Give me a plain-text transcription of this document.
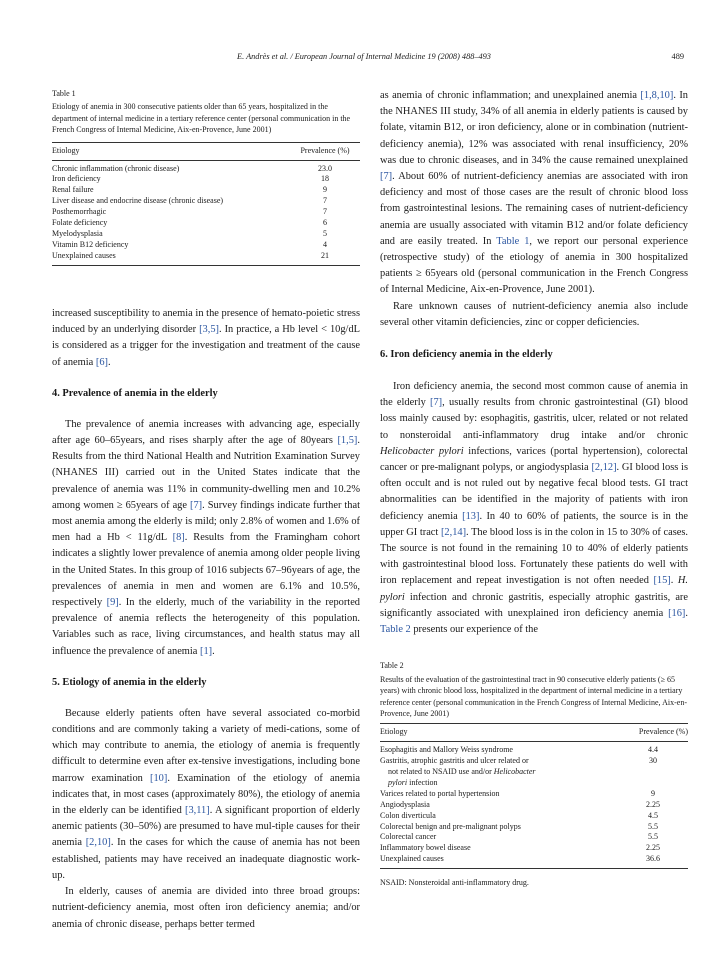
E. Andrès et al. / European Journal of Internal Medicine 19 (2008) 488–493	489

Table 1
Etiology of anemia in 300 consecutive patients older than 65 years, hospitalized in the department of internal medicine in a tertiary reference center (personal communication in the French Congress of Internal Medicine, Aix-en-Provence, June 2001)

Etiology	Prevalence (%)
Chronic inflammation (chronic disease)	23.0
Iron deficiency	18
Renal failure	9
Liver disease and endocrine disease (chronic disease)	7
Posthemorrhagic	7
Folate deficiency	6
Myelodysplasia	5
Vitamin B12 deficiency	4
Unexplained causes	21

increased susceptibility to anemia in the presence of hemato-poietic stress induced by an underlying disorder [3,5]. In practice, a Hb level < 10g/dL is considered as a trigger for the investigation and treatment of the cause of anemia [6].

4. Prevalence of anemia in the elderly

The prevalence of anemia increases with advancing age, especially after age 60–65years, and rises sharply after the age of 80years [1,5]. Results from the third National Health and Nutrition Examination Survey (NHANES III) carried out in the United States indicate that the prevalence of anemia was 11% in community-dwelling men and 10.2% among women ≥ 65years of age [7]. Survey findings indicate further that most anemia among the elderly is mild; only 2.8% of women and 1.6% of men had a Hb < 11g/dL [8]. Results from the Framingham cohort indicates a slightly lower prevalence of anemia among older people living in the United States. In this group of 1016 subjects 67–96years of age, the prevalences of anemia in men and women are 6.1% and 10.5%, respectively [9]. In the elderly, much of the variability in the reported prevalence of anemia reflects the heterogeneity of this population. Variables such as race, living circumstances, and health status may all influence the prevalence of anemia [1].

5. Etiology of anemia in the elderly

Because elderly patients often have several associated co-morbid conditions and are commonly taking a variety of medi-cations, some of which may contribute to anemia, the etiology of anemia is frequently difficult to determine even after ex-tensive investigations, including bone marrow examination [10]. Examination of the etiology of anemia indicates that, in most cases (approximately 80%), the etiology of anemia in the elderly can be identified [3,11]. A significant proportion of elderly anemic patients (30–50%) are presumed to have mul-tiple causes for their anemia [2,10]. In the cases for which the cause of anemia has not been established, patients may have received an inadequate diagnostic work-up.

In elderly, causes of anemia are divided into three broad groups: nutrient-deficiency anemia, most often iron deficiency anemia; and/or anemia of chronic disease, perhaps better termed

as anemia of chronic inflammation; and unexplained anemia [1,8,10]. In the NHANES III study, 34% of all anemia in elderly patients is caused by folate, vitamin B12, or iron deficiency, alone or in combination (nutrient-deficiency anemia), 12% was associated with renal insufficiency, 20% was due to chronic diseases, and in 34% the cause remained unexplained [7]. About 60% of nutrient-deficiency anemias are associated with iron deficiency and most of those cases are the result of chronic blood loss from gastrointestinal lesions. The remaining cases of nutrient-deficiency anemia are usually associated with vitamin B12 and/or folate deficiency and are easily treated. In Table 1, we report our personal experience (retrospective study) of the etiology of anemia in 300 hospitalized patients ≥ 65years old (personal communication in the French Congress of Internal Medicine, Aix-en-Provence, June 2001).

Rare unknown causes of nutrient-deficiency anemia also include several other vitamin deficiencies, zinc or copper deficiencies.

6. Iron deficiency anemia in the elderly

Iron deficiency anemia, the second most common cause of anemia in the elderly [7], usually results from chronic gastrointestinal (GI) blood loss mainly caused by: esophagitis, gastritis, ulcer, related or not related to nonsteroidal anti-inflammatory drug intake and/or chronic Helicobacter pylori infections, varices (portal hypertension), colorectal cancer or pre-malignant polyps, or angiodysplasia [2,12]. GI blood loss is often occult and is not ruled out by negative fecal blood tests. GI tract abnormalities can be identified in the majority of patients with iron deficiency anemia [13]. In 40 to 60% of patients, the source is in the upper GI tract [2,14]. The blood loss is in the colon in 15 to 30% of cases. The source is not found in the remaining 10 to 40% of elderly patients with gastrointestinal blood loss. Fortunately these patients do well with iron replacement and repeat investigation is not often needed [15]. H. pylori infection and chronic gastritis, especially atrophic gastritis, are significantly associated with unexplained iron deficiency anemia [16]. Table 2 presents our experience of the

Table 2
Results of the evaluation of the gastrointestinal tract in 90 consecutive elderly patients (≥ 65 years) with chronic blood loss, hospitalized in the department of internal medicine in a tertiary reference center (personal communication in the French Congress of Internal Medicine, Aix-en-Provence, June 2001)

Etiology	Prevalence (%)
Esophagitis and Mallory Weiss syndrome	4.4

Gastritis, atrophic gastritis and ulcer related or
not related to NSAID use and/or Helicobacter
pylori infection	30
Varices related to portal hypertension	9
Angiodysplasia	2.25
Colon diverticula	4.5
Colorectal benign and pre-malignant polyps	5.5
Colorectal cancer	5.5
Inflammatory bowel disease	2.25
Unexplained causes	36.6
NSAID: Nonsteroidal anti-inflammatory drug.
